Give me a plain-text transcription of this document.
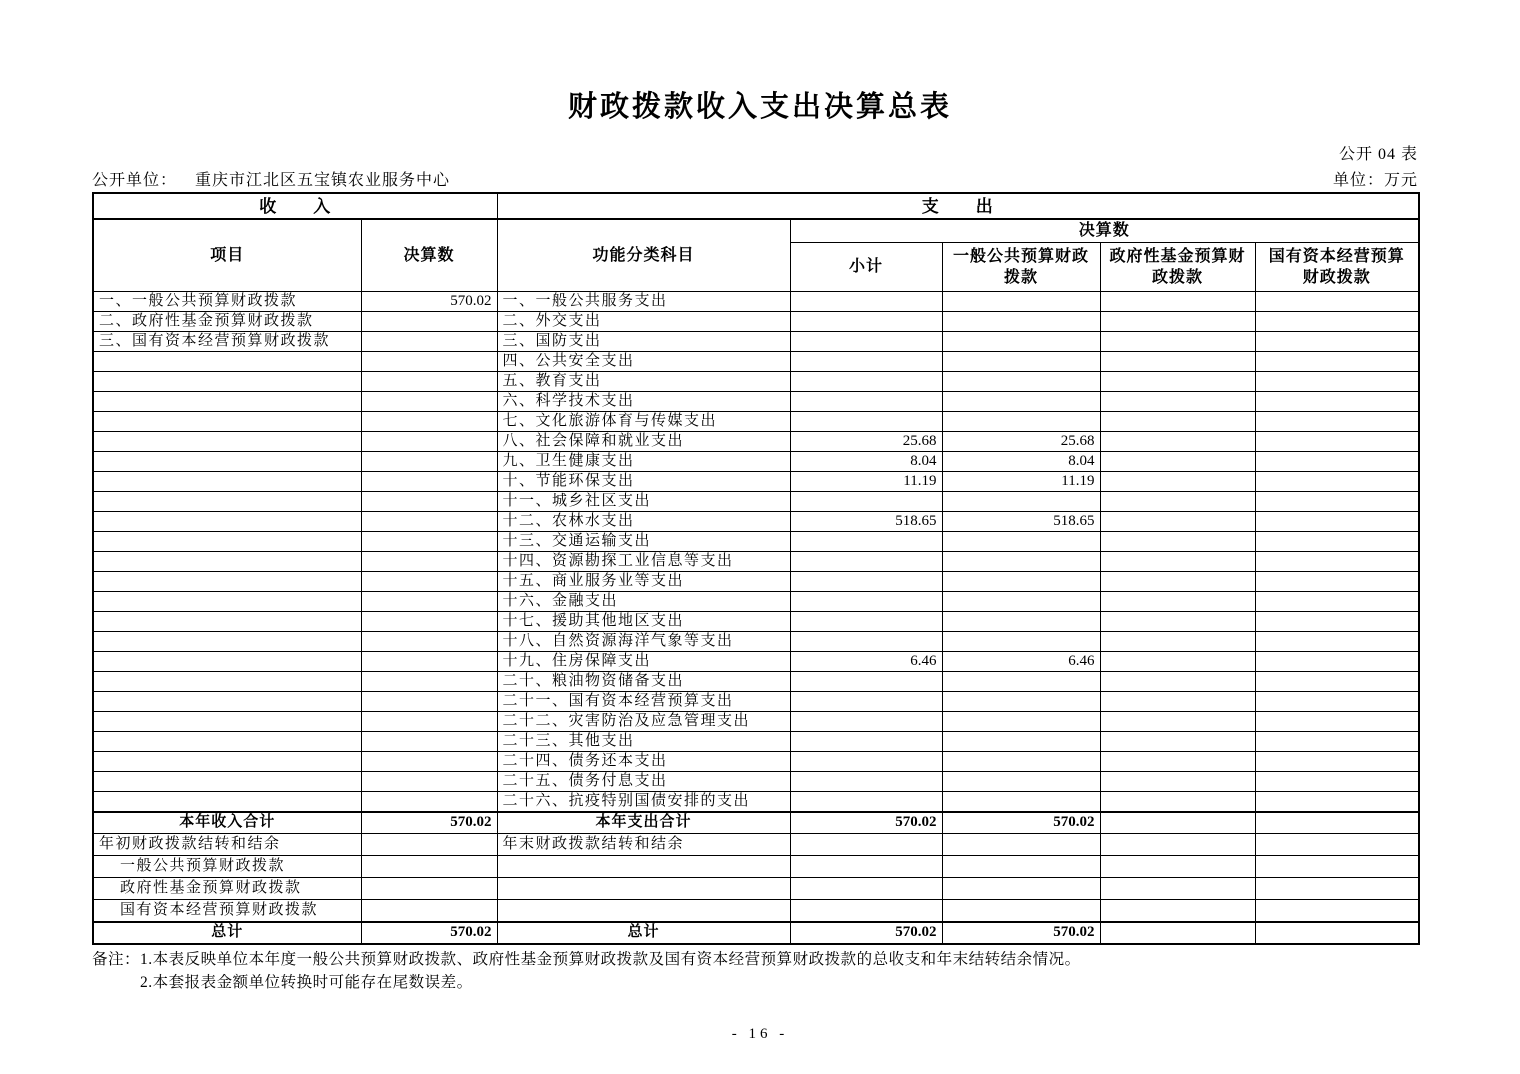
财政拨款收入支出决算总表
公开 04 表
公开单位： 重庆市江北区五宝镇农业服务中心	单位：万元
收　　入		支　　出				
项目	决算数	功能分类科目	决算数			
			小计	一般公共预算财政拨款	政府性基金预算财政拨款	国有资本经营预算财政拨款
一、一般公共预算财政拨款	570.02	一、一般公共服务支出				
二、政府性基金预算财政拨款		二、外交支出				
三、国有资本经营预算财政拨款		三、国防支出				
		四、公共安全支出				
		五、教育支出				
		六、科学技术支出				
		七、文化旅游体育与传媒支出				
		八、社会保障和就业支出	25.68	25.68		
		九、卫生健康支出	8.04	8.04		
		十、节能环保支出	11.19	11.19		
		十一、城乡社区支出				
		十二、农林水支出	518.65	518.65		
		十三、交通运输支出				
		十四、资源勘探工业信息等支出				
		十五、商业服务业等支出				
		十六、金融支出				
		十七、援助其他地区支出				
		十八、自然资源海洋气象等支出				
		十九、住房保障支出	6.46	6.46		
		二十、粮油物资储备支出				
		二十一、国有资本经营预算支出				
		二十二、灾害防治及应急管理支出				
		二十三、其他支出				
		二十四、债务还本支出				
		二十五、债务付息支出				
		二十六、抗疫特别国债安排的支出				
本年收入合计	570.02	本年支出合计	570.02	570.02		
年初财政拨款结转和结余		年末财政拨款结转和结余				
一般公共预算财政拨款						
政府性基金预算财政拨款						
国有资本经营预算财政拨款						
总计	570.02	总计	570.02	570.02		
备注： 1.本表反映单位本年度一般公共预算财政拨款、政府性基金预算财政拨款及国有资本经营预算财政拨款的总收支和年末结转结余情况。
2.本套报表金额单位转换时可能存在尾数误差。
- 16 -
